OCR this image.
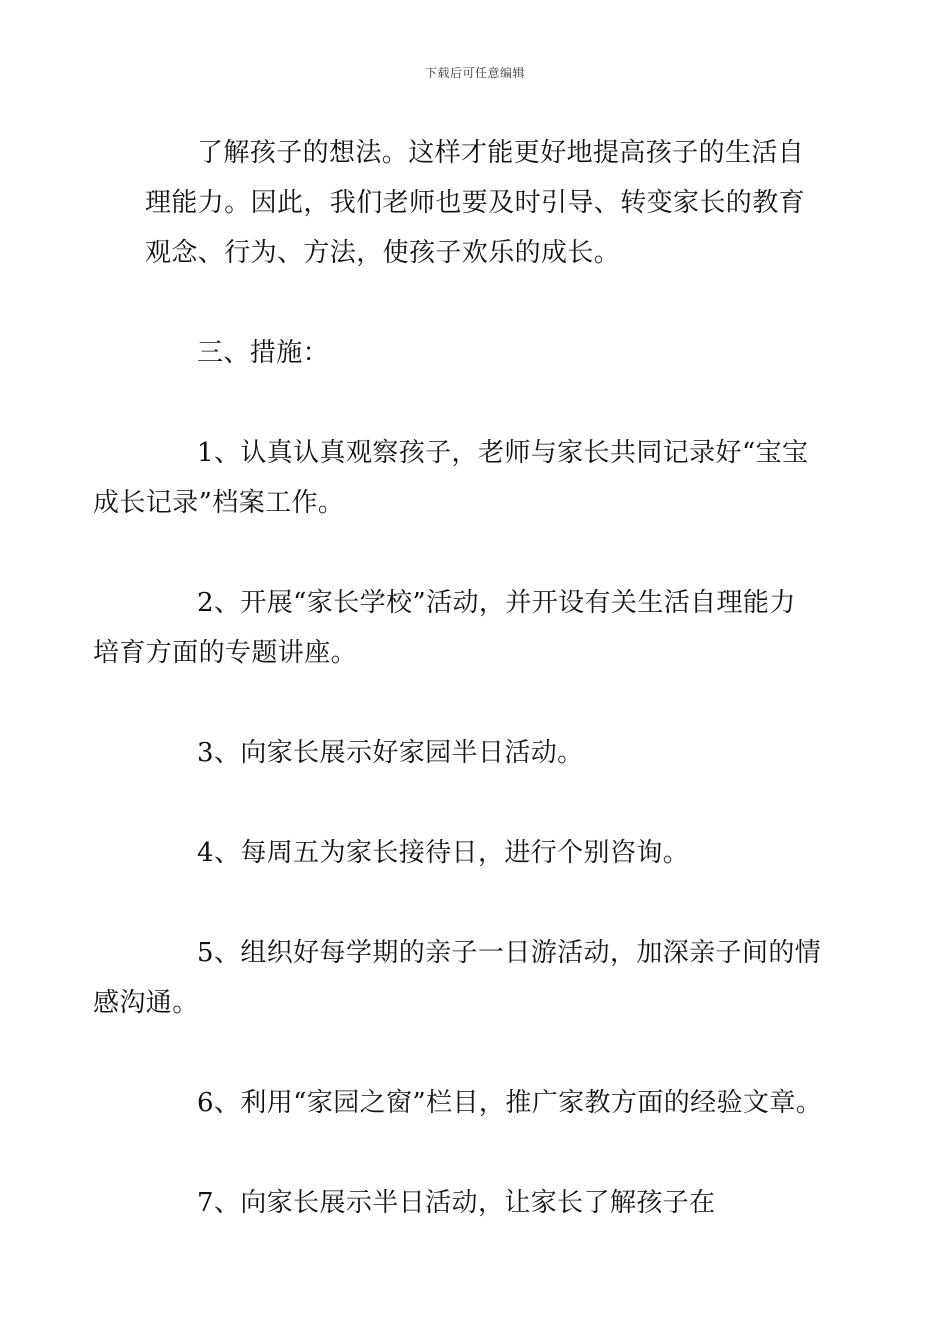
下载后可任意编辑

了解孩子的想法。这样才能更好地提高孩子的生活自
理能力。因此，我们老师也要及时引导、转变家长的教育
观念、行为、方法，使孩子欢乐的成长。

三、措施：

1、认真认真观察孩子，老师与家长共同记录好“宝宝
成长记录”档案工作。

2、开展“家长学校”活动，并开设有关生活自理能力
培育方面的专题讲座。

3、向家长展示好家园半日活动。

4、每周五为家长接待日，进行个别咨询。

5、组织好每学期的亲子一日游活动，加深亲子间的情
感沟通。

6、利用“家园之窗”栏目，推广家教方面的经验文章。

7、向家长展示半日活动，让家长了解孩子在
